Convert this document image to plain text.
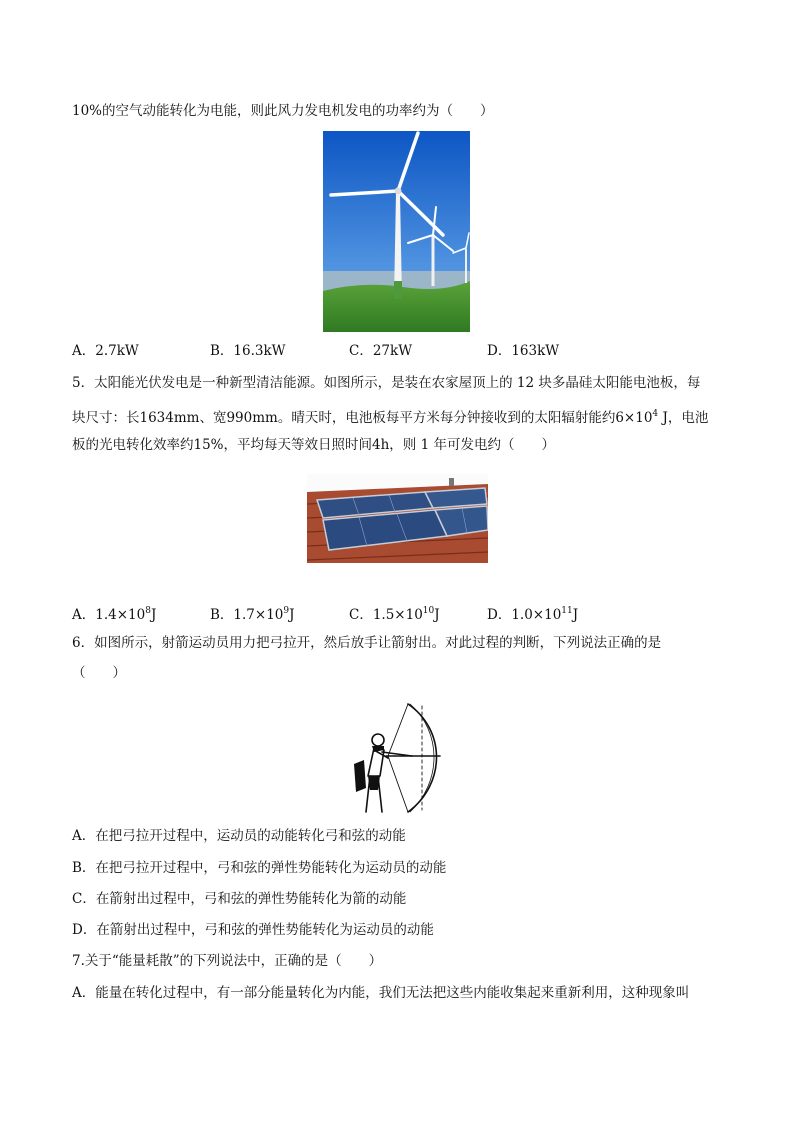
10%的空气动能转化为电能，则此风力发电机发电的功率约为（　　）
A．2.7kW	B．16.3kW	C．27kW	D．163kW
5．太阳能光伏发电是一种新型清洁能源。如图所示，是装在农家屋顶上的 12 块多晶硅太阳能电池板，每
块尺寸：长1634mm、宽990mm。晴天时，电池板每平方米每分钟接收到的太阳辐射能约$6\times 10^4$ J，电池
板的光电转化效率约15%，平均每天等效日照时间4h，则 1 年可发电约（　　）
A．$1.4\times 10^8J$	B．$1.7\times 10^9J$	C．$1.5\times 10^{10}J$	D．$1.0\times 10^{11}J$
6．如图所示，射箭运动员用力把弓拉开，然后放手让箭射出。对此过程的判断，下列说法正确的是
（　　）
A．在把弓拉开过程中，运动员的动能转化弓和弦的动能
B．在把弓拉开过程中，弓和弦的弹性势能转化为运动员的动能
C．在箭射出过程中，弓和弦的弹性势能转化为箭的动能
D．在箭射出过程中，弓和弦的弹性势能转化为运动员的动能
7.关于“能量耗散”的下列说法中，正确的是（　　）
A．能量在转化过程中，有一部分能量转化为内能，我们无法把这些内能收集起来重新利用，这种现象叫
